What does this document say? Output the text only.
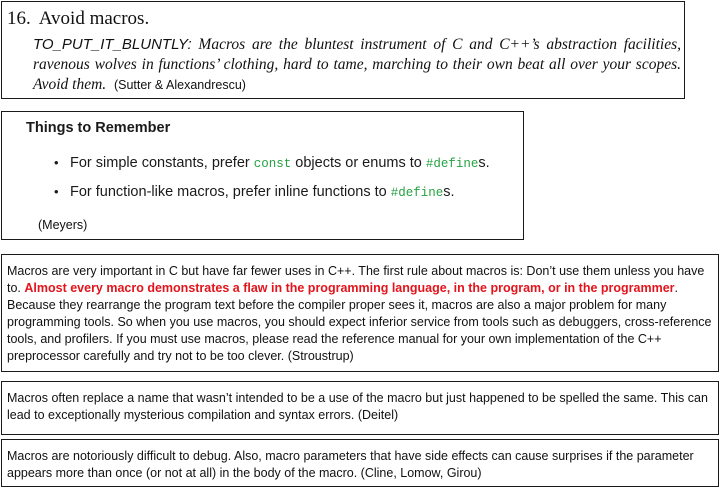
16. Avoid macros.
TO_PUT_IT_BLUNTLY: Macros are the bluntest instrument of C and C++’s abstraction facilities, ravenous wolves in functions’ clothing, hard to tame, marching to their own beat all over your scopes. Avoid them. (Sutter & Alexandrescu)
Things to Remember
• For simple constants, prefer const objects or enums to #defines.
• For function-like macros, prefer inline functions to #defines.
(Meyers)
Macros are very important in C but have far fewer uses in C++. The first rule about macros is: Don’t use them unless you have to. Almost every macro demonstrates a flaw in the programming language, in the program, or in the programmer. Because they rearrange the program text before the compiler proper sees it, macros are also a major problem for many programming tools. So when you use macros, you should expect inferior service from tools such as debuggers, cross-reference tools, and profilers. If you must use macros, please read the reference manual for your own implementation of the C++ preprocessor carefully and try not to be too clever. (Stroustrup)
Macros often replace a name that wasn’t intended to be a use of the macro but just happened to be spelled the same. This can lead to exceptionally mysterious compilation and syntax errors. (Deitel)
Macros are notoriously difficult to debug. Also, macro parameters that have side effects can cause surprises if the parameter appears more than once (or not at all) in the body of the macro. (Cline, Lomow, Girou)
